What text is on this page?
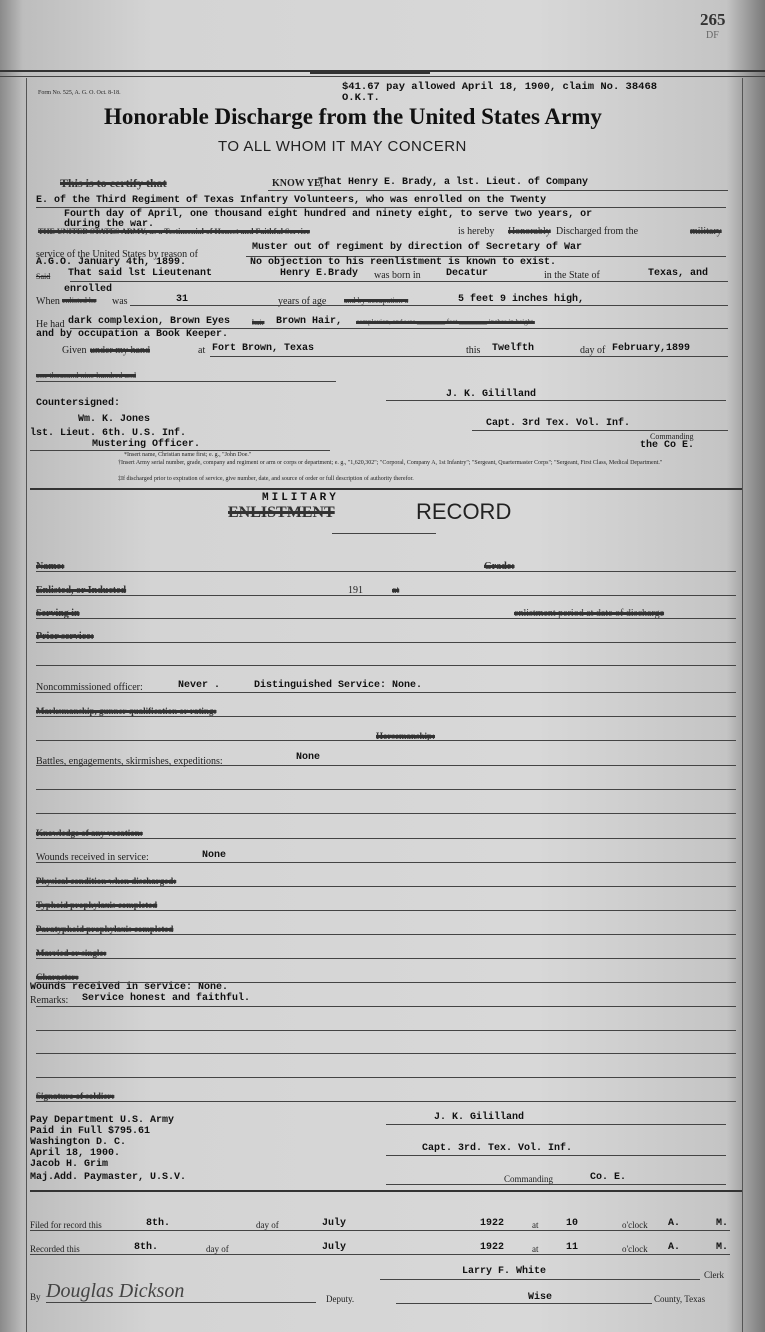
265
DF
Form No. 525, A. G. O. Oct. 8-18.	$41.67 pay allowed April 18, 1900, claim No. 38468 O.K.T.
Honorable Discharge from the United States Army
TO ALL WHOM IT MAY CONCERN
This is to certify that	KNOW YE,
That Henry E. Brady, a lst. Lieut. of Company
E. of the Third Regiment of Texas Infantry Volunteers, who was enrolled on the Twenty
Fourth day of April, one thousand eight hundred and ninety eight, to serve two years, or
during the war.
THE UNITED STATES ARMY, as a Testimonial of Honest and Faithful Service	is hereby Honorably Discharged from the	military
service of the United States by reason of
Muster out of regiment by direction of Secretary of War
A.G.O. January 4th, 1899.	No objection to his reenlistment is known to exist.
Said That said lst Lieutenant	Henry E.Brady was born in	Decatur	in the State of	Texas, and
enrolled
When enlisted he was	31	years of age and by occupation a	5 feet 9 inches high,
He had dark complexion, Brown Eyes	hair Brown Hair, complexion, and was ________ feet ________ inches in height.
and by occupation a Book Keeper.
Given under my hand	at Fort Brown, Texas	this Twelfth	day of February,1899
one thousand nine hundred and
J. K. Gililland
Countersigned:
Wm. K. Jones
lst. Lieut. 6th. U.S. Inf.
Mustering Officer.
Capt. 3rd Tex. Vol. Inf.
Commanding
the Co E.
*Insert name, Christian name first; e. g., "John Doe."
†Insert Army serial number, grade, company and regiment or arm or corps or department; e. g., "1,620,302"; "Corporal, Company A, 1st Infantry"; "Sergeant, Quartermaster Corps"; "Sergeant, First Class, Medical Department."
‡If discharged prior to expiration of service, give number, date, and source of order or full description of authority therefor.
MILITARY
ENLISTMENT	RECORD
Name:	Grade:
Enlisted, or Inducted	191	at
Serving in	enlistment period at date of discharge
Prior service:
Noncommissioned officer:	Never .	Distinguished Service: None.
Marksmanship, gunner qualification or rating:
Horsemanship:
Battles, engagements, skirmishes, expeditions:	None
Knowledge of any vocation:
Wounds received in service:	None
Physical condition when discharged:
Typhoid prophylaxis completed
Paratyphoid prophylaxis completed
Married or single:
Character:
Wounds received in service: None.
Remarks: Service honest and faithful.
Signature of soldier:
Pay Department U.S. Army
Paid in Full $795.61
Washington D. C.
April 18, 1900.
Jacob H. Grim
Maj.Add. Paymaster, U.S.V.
J. K. Gililland
Capt. 3rd. Tex. Vol. Inf.
Commanding	Co. E.
Filed for record this	8th.	day of	July	1922	at	10	o'clock A.	M.
Recorded this	8th.	day of	July	1922	at	11	o'clock A.	M.
Larry F. White	Clerk
By Douglas Dickson	Deputy.	Wise	County, Texas
